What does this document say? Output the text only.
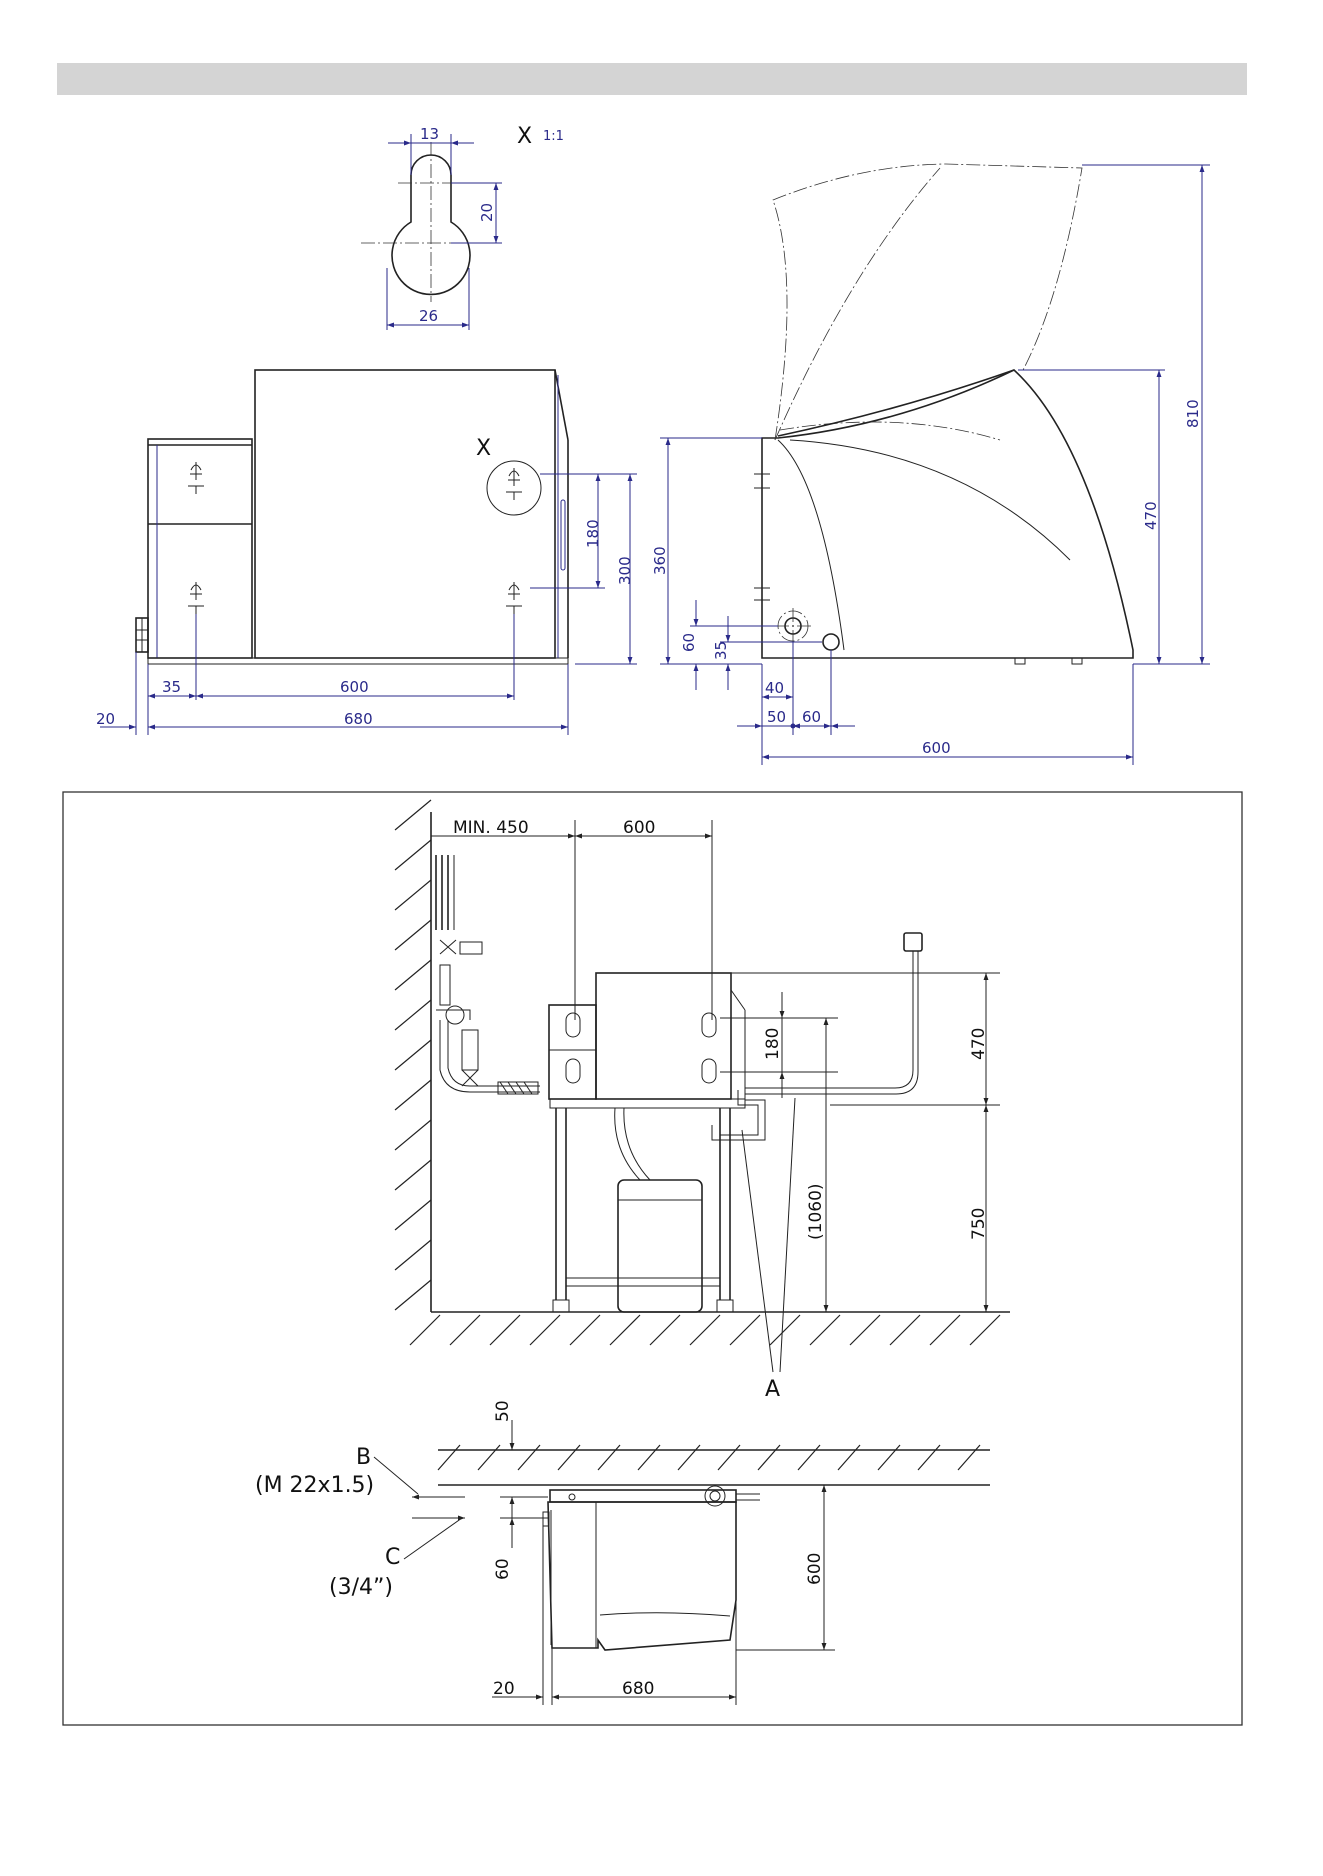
X 1:1
13
20
26
X
180
300
35	600
20	680
810
470
360
60 35
40
50 60
600
MIN. 450	600
470
180
(1060)	750
A
B
(M 22x1.5)
C
(3/4”)
50
60	600
20	680
